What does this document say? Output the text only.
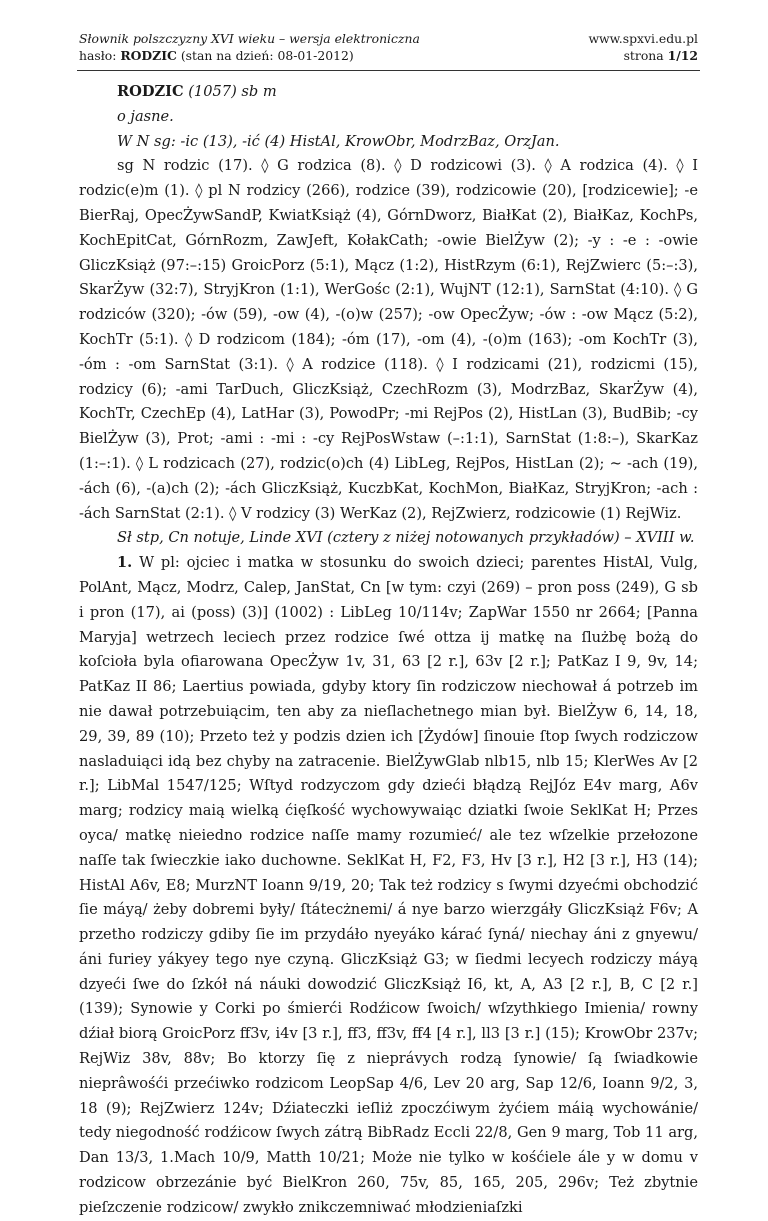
Słownik polszczyzny XVI wieku – wersja elektroniczna
hasło: RODZIC (stan na dzień: 08-01-2012)
www.spxvi.edu.pl
strona 1/12

RODZIC (1057) sb m

o jasne.

W N sg: -ic (13), -ić (4) HistAl, KrowObr, ModrzBaz, OrzJan.

sg N rodzic (17). ◊ G rodzica (8). ◊ D rodzicowi (3). ◊ A rodzica (4). ◊ I rodzic(e)m (1). ◊ pl N rodzicy (266), rodzice (39), rodzicowie (20), [rodzicewie]; -e BierRaj, OpecŻywSandP, KwiatKsiąż (4), GórnDworz, BiałKat (2), BiałKaz, KochPs, KochEpitCat, GórnRozm, ZawJeft, KołakCath; -owie BielŻyw (2); -y : -e : -owie GliczKsiąż (97:–:15) GroicPorz (5:1), Mącz (1:2), HistRzym (6:1), RejZwierc (5:–:3), SkarŻyw (32:7), StryjKron (1:1), WerGośc (2:1), WujNT (12:1), SarnStat (4:10). ◊ G rodziców (320); -ów (59), -ow (4), -(o)w (257); -ow OpecŻyw; -ów : -ow Mącz (5:2), KochTr (5:1). ◊ D rodzicom (184); -óm (17), -om (4), -(o)m (163); -om KochTr (3), -óm : -om SarnStat (3:1). ◊ A rodzice (118). ◊ I rodzicami (21), rodzicmi (15), rodzicy (6); -ami TarDuch, GliczKsiąż, CzechRozm (3), ModrzBaz, SkarŻyw (4), KochTr, CzechEp (4), LatHar (3), PowodPr; -mi RejPos (2), HistLan (3), BudBib; -cy BielŻyw (3), Prot; -ami : -mi : -cy RejPosWstaw (–:1:1), SarnStat (1:8:–), SkarKaz (1:–:1). ◊ L rodzicach (27), rodzic(o)ch (4) LibLeg, RejPos, HistLan (2); ~ -ach (19), -ách (6), -(a)ch (2); -ách GliczKsiąż, KuczbKat, KochMon, BiałKaz, StryjKron; -ach : -ách SarnStat (2:1). ◊ V rodzicy (3) WerKaz (2), RejZwierz, rodzicowie (1) RejWiz.

Sł stp, Cn notuje, Linde XVI (cztery z niżej notowanych przykładów) – XVIII w.

1. W pl: ojciec i matka w stosunku do swoich dzieci; parentes HistAl, Vulg, PolAnt, Mącz, Modrz, Calep, JanStat, Cn [w tym: czyi (269) – pron poss (249), G sb i pron (17), ai (poss) (3)] (1002) : LibLeg 10/114v; ZapWar 1550 nr 2664; [Panna Maryja] wetrzech leciech przez rodzice ſwé ottza ij matkę na ſlużbę bożą do koſcioła byla ofiarowana OpecŻyw 1v, 31, 63 [2 r.], 63v [2 r.]; PatKaz I 9, 9v, 14; PatKaz II 86; Laertius powiada, gdyby ktory ſin rodziczow niechował á potrzeb im nie dawał potrzebuiącim, ten aby za nieſlachetnego mian był. BielŻyw 6, 14, 18, 29, 39, 89 (10); Przeto też y podzis dzien ich [Żydów] ſinouie ſtop ſwych rodziczow nasladuiąci idą bez chyby na zatracenie. BielŻywGlab nlb15, nlb 15; KlerWes Av [2 r.]; LibMal 1547/125; Wſtyd rodzyczom gdy dzieći błądzą RejJóz E4v marg, A6v marg; rodzicy maią wielką ćięſkość wychowywaiąc dziatki ſwoie SeklKat H; Przes oyca/ matkę nieiedno rodzice naſſe mamy rozumieć/ ale tez wſzelkie przełozone naſſe tak ſwieczkie iako duchowne. SeklKat H, F2, F3, Hv [3 r.], H2 [3 r.], H3 (14); HistAl A6v, E8; MurzNT Ioann 9/19, 20; Tak też rodzicy s ſwymi dzyećmi obchodzić ſie máyą/ żeby dobremi były/ ſtátecżnemi/ á nye barzo wierzgáły GliczKsiąż F6v; A przetho rodziczy gdiby ſie im przydáło nyeyáko kárać ſyná/ niechay áni z gnyewu/ áni furiey yákyey tego nye czyną. GliczKsiąż G3; w ſiedmi lecyech rodziczy máyą dzyeći ſwe do ſzkół ná náuki dowodzić GliczKsiąż I6, kt, A, A3 [2 r.], B, C [2 r.] (139); Synowie y Corki po śmierći Rodźicow ſwoich/ wſzythkiego Imienia/ rowny dźiał biorą GroicPorz ff3v, i4v [3 r.], ff3, ff3v, ff4 [4 r.], ll3 [3 r.] (15); KrowObr 237v; RejWiz 38v, 88v; Bo ktorzy ſię z nieprávych rodzą ſynowie/ ſą ſwiadkowie nieprâwośći przećiwko rodzicom LeopSap 4/6, Lev 20 arg, Sap 12/6, Ioann 9/2, 3, 18 (9); RejZwierz 124v; Dźiateczki ieſliż zpoczćiwym żyćiem máią wychowánie/ tedy niegodność rodźicow ſwych zátrą BibRadz Eccli 22/8, Gen 9 marg, Tob 11 arg, Dan 13/3, 1.Mach 10/9, Matth 10/21; Może nie tylko w kośćiele ále y w domu v rodzicow obrzezánie być BielKron 260, 75v, 85, 165, 205, 296v; Też zbytnie pieſzczenie rodzicow/ zwykło znikczemniwać młodzieniaſzki
